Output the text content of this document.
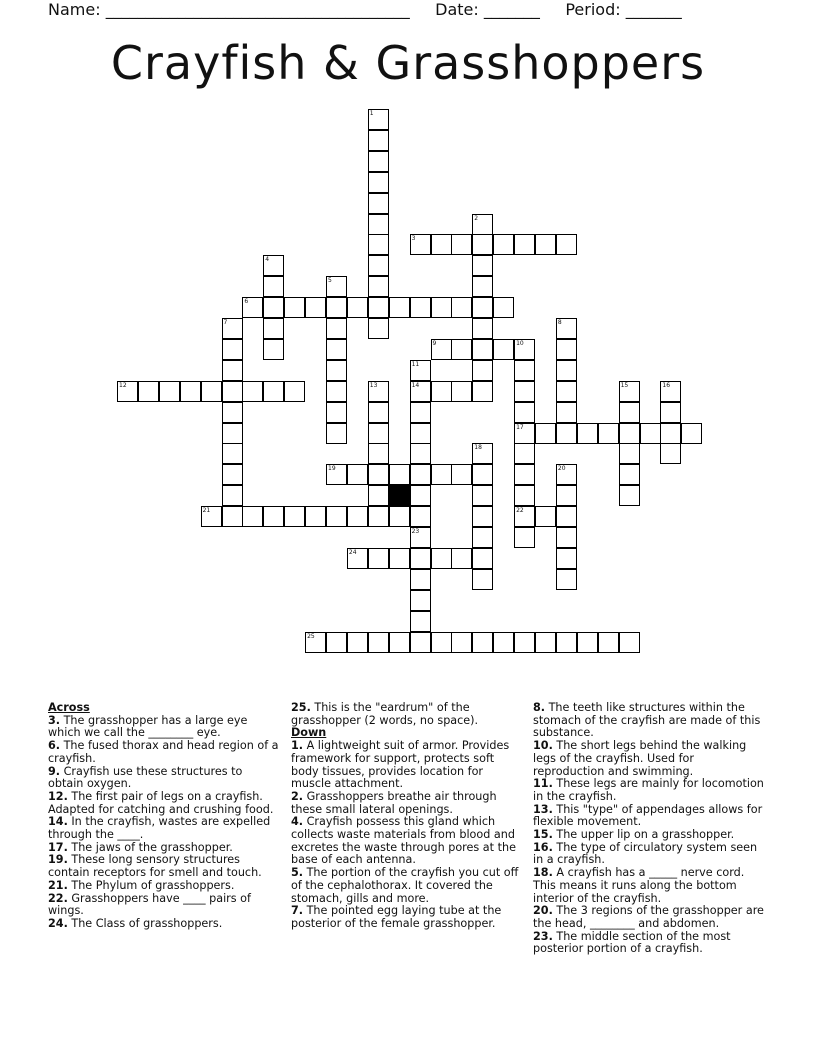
Name: ______________________________________ Date: _______ Period: _______
Crayfish & Grasshoppers
3
6
9	10
12	14
17
19
21	22
24
25
1
2
4
5
7	8
11
23
13	15	16
18
20
Across
3. The grasshopper has a large eye which we call the ________ eye.
6. The fused thorax and head region of a crayfish.
9. Crayfish use these structures to obtain oxygen.
12. The first pair of legs on a crayfish. Adapted for catching and crushing food.
14. In the crayfish, wastes are expelled through the ____.
17. The jaws of the grasshopper.
19. These long sensory structures contain receptors for smell and touch.
21. The Phylum of grasshoppers.
22. Grasshoppers have ____ pairs of wings.
24. The Class of grasshoppers.
25. This is the "eardrum" of the grasshopper (2 words, no space).
Down
1. A lightweight suit of armor. Provides framework for support, protects soft body tissues, provides location for muscle attachment.
2. Grasshoppers breathe air through these small lateral openings.
4. Crayfish possess this gland which collects waste materials from blood and excretes the waste through pores at the base of each antenna.
5. The portion of the crayfish you cut off of the cephalothorax. It covered the stomach, gills and more.
7. The pointed egg laying tube at the posterior of the female grasshopper.
8. The teeth like structures within the stomach of the crayfish are made of this substance.
10. The short legs behind the walking legs of the crayfish. Used for reproduction and swimming.
11. These legs are mainly for locomotion in the crayfish.
13. This "type" of appendages allows for flexible movement.
15. The upper lip on a grasshopper.
16. The type of circulatory system seen in a crayfish.
18. A crayfish has a _____ nerve cord. This means it runs along the bottom interior of the crayfish.
20. The 3 regions of the grasshopper are the head, ________ and abdomen.
23. The middle section of the most posterior portion of a crayfish.
